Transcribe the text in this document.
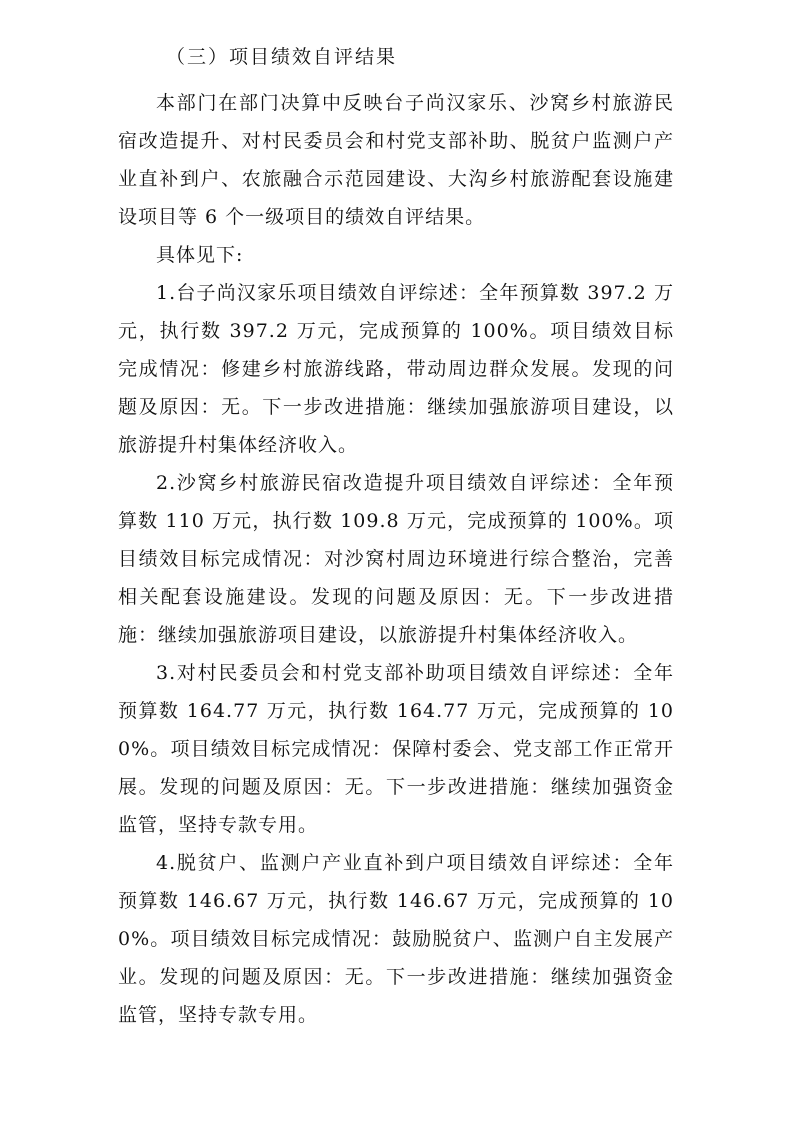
（三）项目绩效自评结果

本部门在部门决算中反映台子尚汉家乐、沙窝乡村旅游民宿改造提升、对村民委员会和村党支部补助、脱贫户监测户产业直补到户、农旅融合示范园建设、大沟乡村旅游配套设施建设项目等 6 个一级项目的绩效自评结果。

具体见下:

1.台子尚汉家乐项目绩效自评综述：全年预算数 397.2 万元，执行数 397.2 万元，完成预算的 100%。项目绩效目标完成情况：修建乡村旅游线路，带动周边群众发展。发现的问题及原因：无。下一步改进措施：继续加强旅游项目建设，以旅游提升村集体经济收入。

2.沙窝乡村旅游民宿改造提升项目绩效自评综述：全年预算数 110 万元，执行数 109.8 万元，完成预算的 100%。项目绩效目标完成情况：对沙窝村周边环境进行综合整治，完善相关配套设施建设。发现的问题及原因：无。下一步改进措施：继续加强旅游项目建设，以旅游提升村集体经济收入。

3.对村民委员会和村党支部补助项目绩效自评综述：全年预算数 164.77 万元，执行数 164.77 万元，完成预算的 100%。项目绩效目标完成情况：保障村委会、党支部工作正常开展。发现的问题及原因：无。下一步改进措施：继续加强资金监管，坚持专款专用。

4.脱贫户、监测户产业直补到户项目绩效自评综述：全年预算数 146.67 万元，执行数 146.67 万元，完成预算的 100%。项目绩效目标完成情况：鼓励脱贫户、监测户自主发展产业。发现的问题及原因：无。下一步改进措施：继续加强资金监管，坚持专款专用。
